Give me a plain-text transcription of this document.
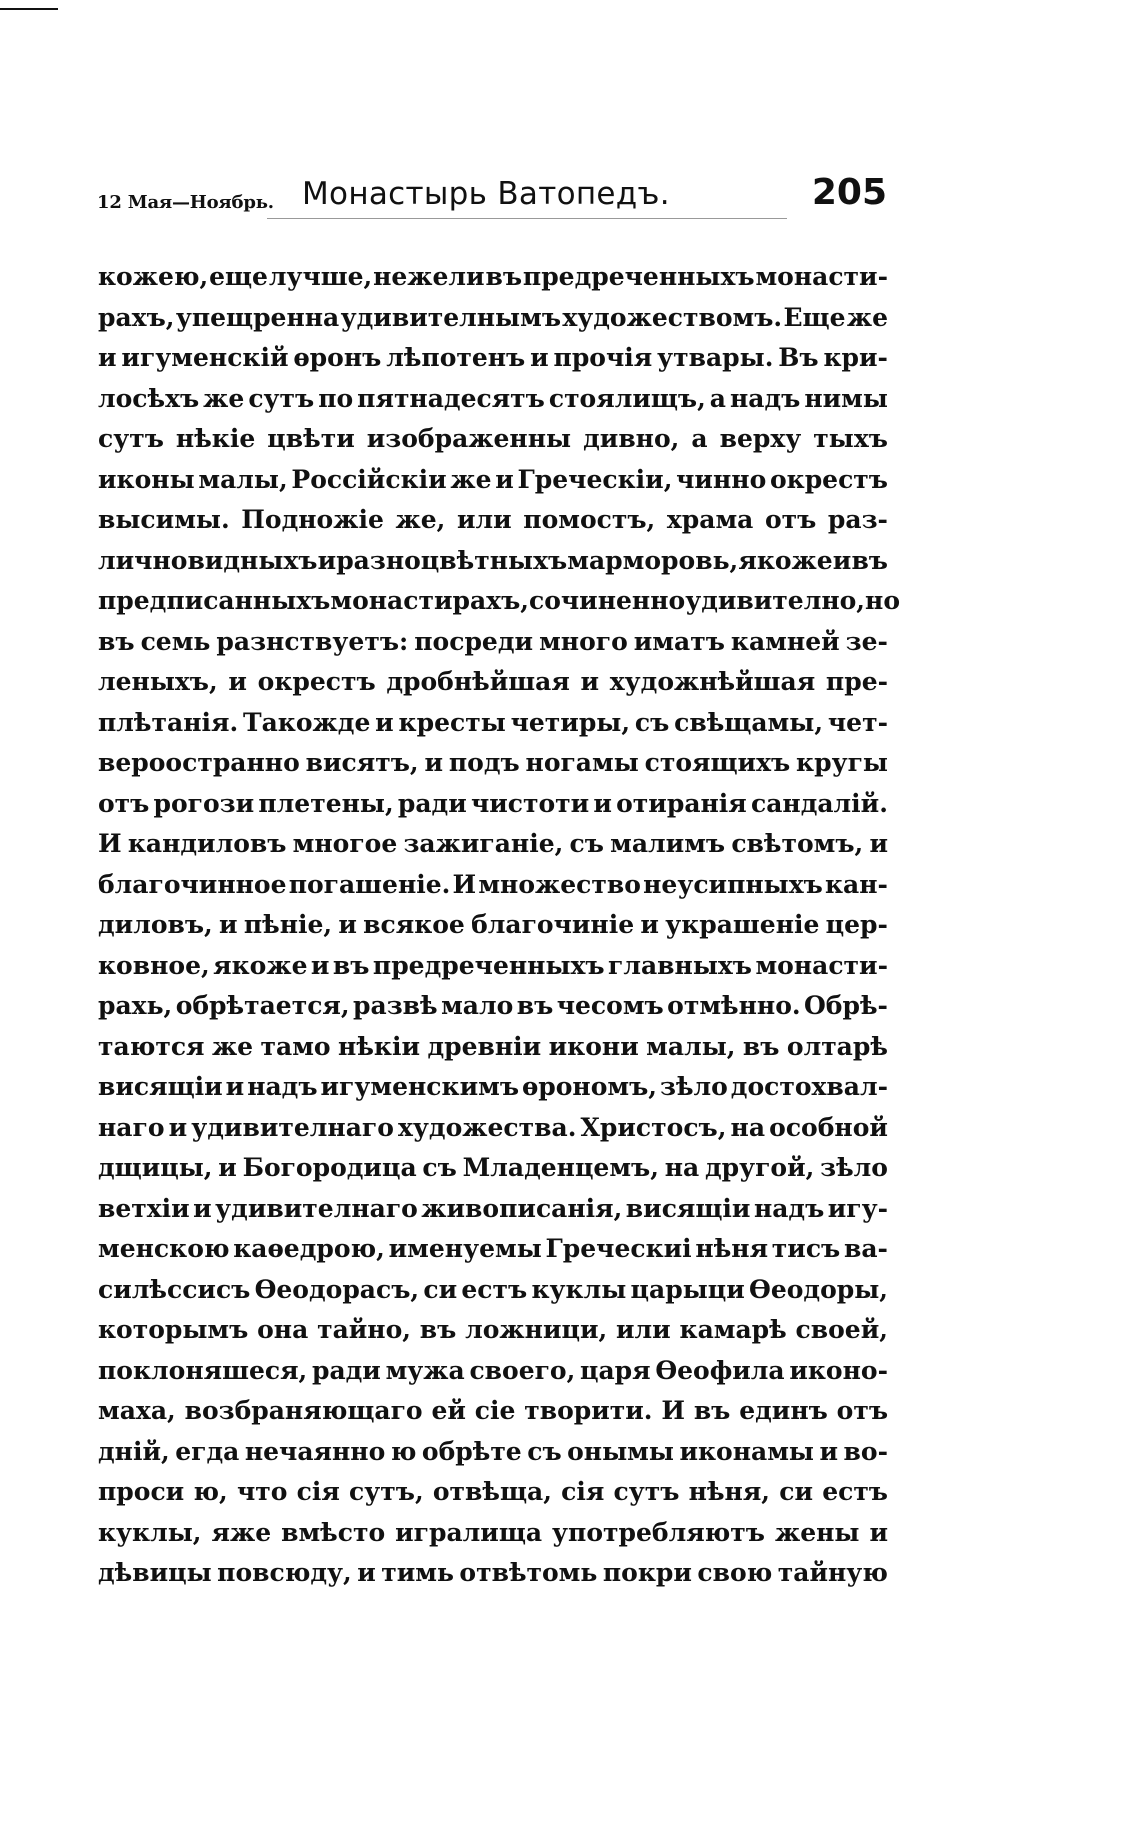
12 Мая—Ноябрь. Монастырь Ватопедъ.	205
кожею, еще лучше, нежели въ предреченныхъ монасти-
рахъ, упещренна удивителнымъ художествомъ. Еще же
и игуменскій ѳронъ лѣпотенъ и прочія утвары. Въ кри-
лосѣхъ же сутъ по пятнадесятъ стоялищъ, а надъ нимы
сутъ нѣкіе цвѣти изображенны дивно, а верху тыхъ
иконы малы, Россійскіи же и Греческіи, чинно окрестъ
высимы. Подножіе же, или помостъ, храма отъ раз-
личновидныхъ и разноцвѣтныхъ марморовь, якоже и въ
предписанныхъ монастирахъ, сочиненно удивително, но
въ семь разнствуетъ: посреди много иматъ камней зе-
леныхъ, и окрестъ дробнѣйшая и художнѣйшая пре-
плѣтанія. Такожде и кресты четиры, съ свѣщамы, чет-
вероостранно висятъ, и подъ ногамы стоящихъ кругы
отъ рогози плетены, ради чистоти и отиранія сандалій.
И кандиловъ многое зажиганіе, съ малимъ свѣтомъ, и
благочинное погашеніе. И множество неусипныхъ кан-
диловъ, и пѣніе, и всякое благочиніе и украшеніе цер-
ковное, якоже и въ предреченныхъ главныхъ монасти-
рахь, обрѣтается, развѣ мало въ чесомъ отмѣнно. Обрѣ-
таются же тамо нѣкіи древніи икони малы, въ олтарѣ
висящіи и надъ игуменскимъ ѳрономъ, зѣло достохвал-
наго и удивителнаго художества. Христосъ, на особной
дщицы, и Богородица съ Младенцемъ, на другой, зѣло
ветхіи и удивителнаго живописанія, висящіи надъ игу-
менскою каѳедрою, именуемы Греческиі нѣня тисъ ва-
силѣссисъ Ѳеодорасъ, си естъ куклы царыци Ѳеодоры,
которымъ она тайно, въ ложници, или камарѣ своей,
поклоняшеся, ради мужа своего, царя Ѳеофила иконо-
маха, возбраняющаго ей сіе творити. И въ единъ отъ
дній, егда нечаянно ю обрѣте съ онымы иконамы и во-
проси ю, что сія сутъ, отвѣща, сія сутъ нѣня, си естъ
куклы, яже вмѣсто игралища употребляютъ жены и
дѣвицы повсюду, и тимь отвѣтомь покри свою тайную
